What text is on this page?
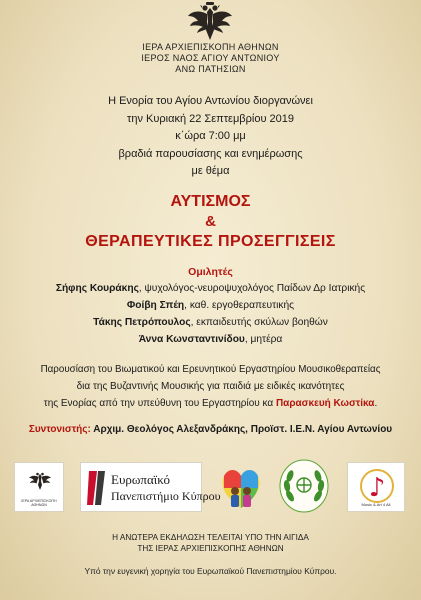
ΙΕΡΑ ΑΡΧΙΕΠΙΣΚΟΠΗ ΑΘΗΝΩΝ
ΙΕΡΟΣ ΝΑΟΣ ΑΓΙΟΥ ΑΝΤΩΝΙΟΥ
ΑΝΩ ΠΑΤΗΣΙΩΝ
Η Ενορία του Αγίου Αντωνίου διοργανώνει
την Κυριακή 22 Σεπτεμβρίου 2019
κ΄ώρα 7:00 μμ
βραδιά παρουσίασης και ενημέρωσης
με θέμα
ΑΥΤΙΣΜΟΣ
&
ΘΕΡΑΠΕΥΤΙΚΕΣ ΠΡΟΣΕΓΓΙΣΕΙΣ
Ομιλητές
Σήφης Κουράκης, ψυχολόγος-νευροψυχολόγος Παίδων Δρ Ιατρικής
Φοίβη Σπέη, καθ. εργοθεραπευτικής
Τάκης Πετρόπουλος, εκπαιδευτής σκύλων βοηθών
Άννα Κωνσταντινίδου, μητέρα
Παρουσίαση του Βιωματικού και Ερευνητικού Εργαστηρίου Μουσικοθεραπείας
δια της Βυζαντινής Μουσικής για παιδιά με ειδικές ικανότητες
της Ενορίας από την υπεύθυνη του Εργαστηρίου κα Παρασκευή Κωστίκα.
Συντονιστής: Αρχιμ. Θεολόγος Αλεξανδράκης, Προϊστ. Ι.Ε.Ν. Αγίου Αντωνίου
ΙΕΡΑ ΑΡΧΙΕΠΙΣΚΟΠΗ ΑΘΗΝΩΝ
Ευρωπαϊκό
Πανεπιστήμιο Κύπρου	♪
Music & Art 4 All
Η ΑΝΩΤΕΡΑ ΕΚΔΗΛΩΣΗ ΤΕΛΕΙΤΑΙ ΥΠΟ ΤΗΝ ΑΙΓΙΔΑ
ΤΗΣ ΙΕΡΑΣ ΑΡΧΙΕΠΙΣΚΟΠΗΣ ΑΘΗΝΩΝ
Υπό την ευγενική χορηγία του Ευρωπαϊκού Πανεπιστημίου Κύπρου.
